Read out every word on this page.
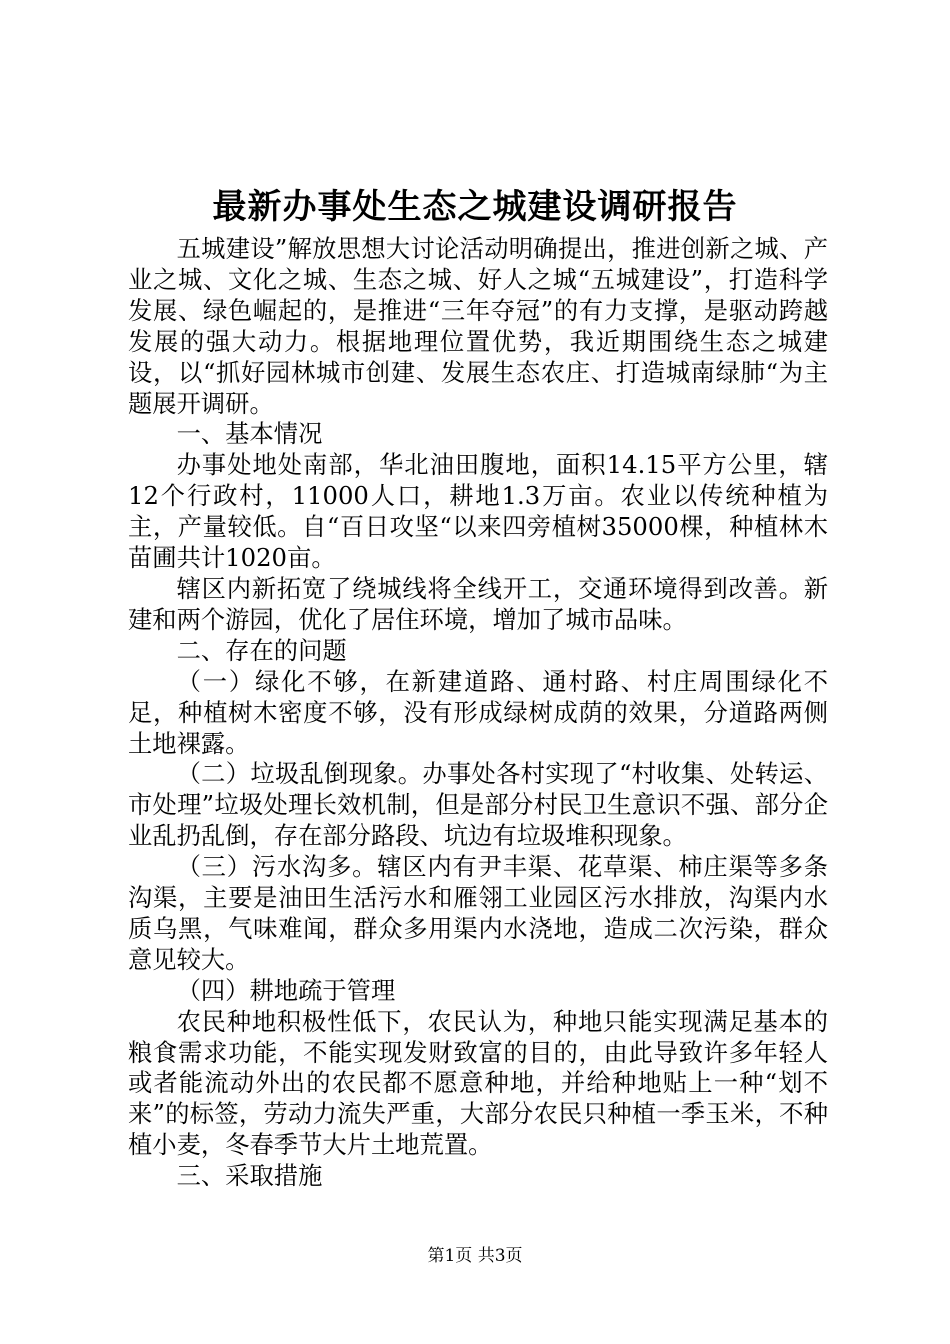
最新办事处生态之城建设调研报告

五城建设”解放思想大讨论活动明确提出，推进创新之城、产业之城、文化之城、生态之城、好人之城“五城建设”，打造科学发展、绿色崛起的，是推进“三年夺冠”的有力支撑，是驱动跨越发展的强大动力。根据地理位置优势，我近期围绕生态之城建设，以“抓好园林城市创建、发展生态农庄、打造城南绿肺“为主题展开调研。

一、基本情况

办事处地处南部，华北油田腹地，面积14.15平方公里，辖12个行政村，11000人口，耕地1.3万亩。农业以传统种植为主，产量较低。自“百日攻坚“以来四旁植树35000棵，种植林木苗圃共计1020亩。

辖区内新拓宽了绕城线将全线开工，交通环境得到改善。新建和两个游园，优化了居住环境，增加了城市品味。

二、存在的问题

（一）绿化不够，在新建道路、通村路、村庄周围绿化不足，种植树木密度不够，没有形成绿树成荫的效果，分道路两侧土地裸露。

（二）垃圾乱倒现象。办事处各村实现了“村收集、处转运、市处理”垃圾处理长效机制，但是部分村民卫生意识不强、部分企业乱扔乱倒，存在部分路段、坑边有垃圾堆积现象。

（三）污水沟多。辖区内有尹丰渠、花草渠、柿庄渠等多条沟渠，主要是油田生活污水和雁翎工业园区污水排放，沟渠内水质乌黑，气味难闻，群众多用渠内水浇地，造成二次污染，群众意见较大。

（四）耕地疏于管理

农民种地积极性低下，农民认为，种地只能实现满足基本的粮食需求功能，不能实现发财致富的目的，由此导致许多年轻人或者能流动外出的农民都不愿意种地，并给种地贴上一种“划不来”的标签，劳动力流失严重，大部分农民只种植一季玉米，不种植小麦，冬春季节大片土地荒置。

三、采取措施

第1页 共3页
